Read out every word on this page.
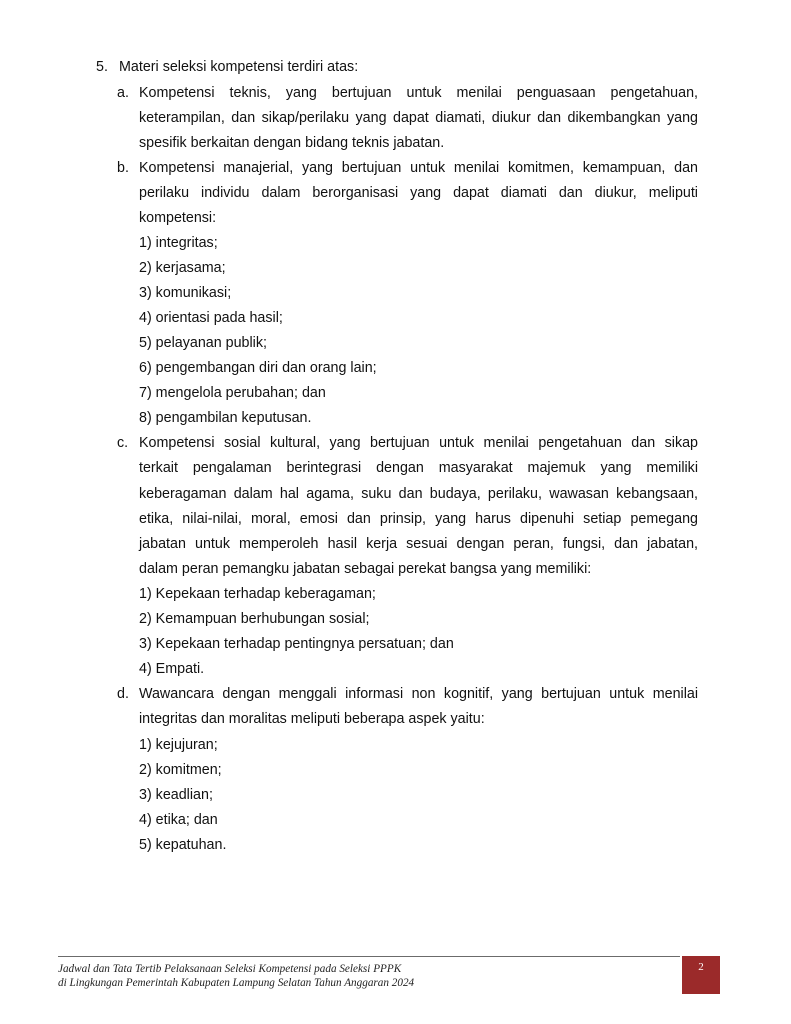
5. Materi seleksi kompetensi terdiri atas:
a. Kompetensi teknis, yang bertujuan untuk menilai penguasaan pengetahuan,
keterampilan, dan sikap/perilaku yang dapat diamati, diukur dan dikembangkan yang
spesifik berkaitan dengan bidang teknis jabatan.
b. Kompetensi manajerial, yang bertujuan untuk menilai komitmen, kemampuan, dan
perilaku individu dalam berorganisasi yang dapat diamati dan diukur, meliputi
kompetensi:
1) integritas;
2) kerjasama;
3) komunikasi;
4) orientasi pada hasil;
5) pelayanan publik;
6) pengembangan diri dan orang lain;
7) mengelola perubahan; dan
8) pengambilan keputusan.
c. Kompetensi sosial kultural, yang bertujuan untuk menilai pengetahuan dan sikap
terkait pengalaman berintegrasi dengan masyarakat majemuk yang memiliki
keberagaman dalam hal agama, suku dan budaya, perilaku, wawasan kebangsaan,
etika, nilai-nilai, moral, emosi dan prinsip, yang harus dipenuhi setiap pemegang
jabatan untuk memperoleh hasil kerja sesuai dengan peran, fungsi, dan jabatan,
dalam peran pemangku jabatan sebagai perekat bangsa yang memiliki:
1) Kepekaan terhadap keberagaman;
2) Kemampuan berhubungan sosial;
3) Kepekaan terhadap pentingnya persatuan; dan
4) Empati.
d. Wawancara dengan menggali informasi non kognitif, yang bertujuan untuk menilai
integritas dan moralitas meliputi beberapa aspek yaitu:
1) kejujuran;
2) komitmen;
3) keadlian;
4) etika; dan
5) kepatuhan.
Jadwal dan Tata Tertib Pelaksanaan Seleksi Kompetensi pada Seleksi PPPK
di Lingkungan Pemerintah Kabupaten Lampung Selatan Tahun Anggaran 2024
2
